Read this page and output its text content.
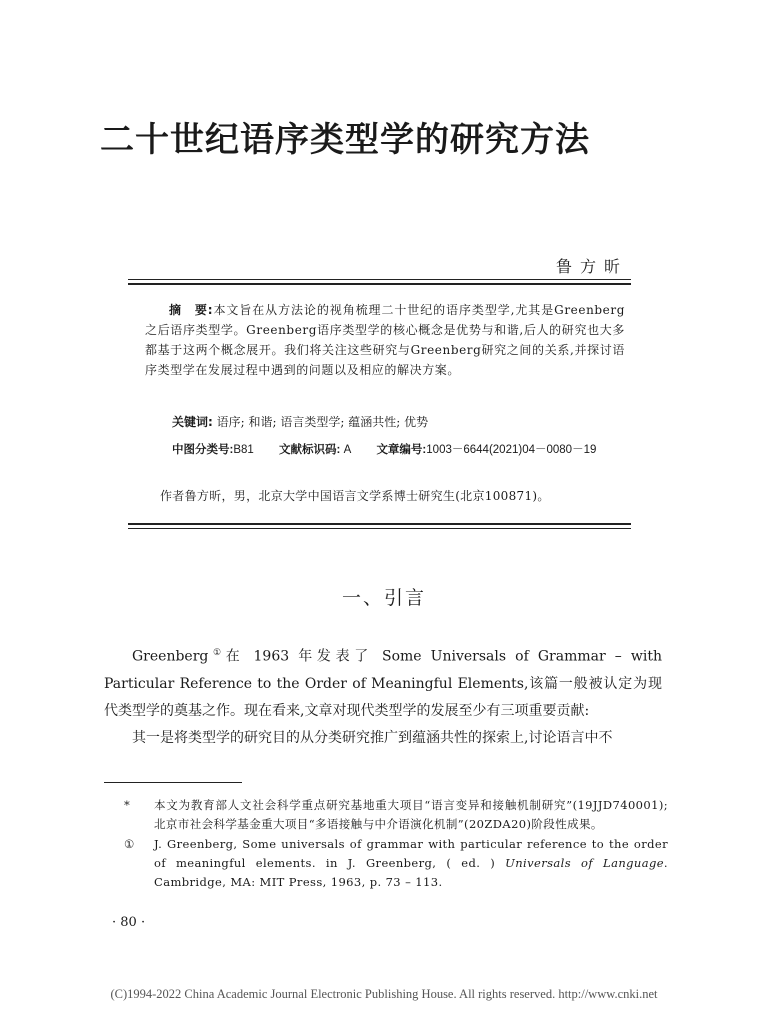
二十世纪语序类型学的研究方法
鲁方昕
摘　要:本文旨在从方法论的视角梳理二十世纪的语序类型学,尤其是Greenberg之后语序类型学。Greenberg语序类型学的核心概念是优势与和谐,后人的研究也大多都基于这两个概念展开。我们将关注这些研究与Greenberg研究之间的关系,并探讨语序类型学在发展过程中遇到的问题以及相应的解决方案。
关键词: 语序; 和谐; 语言类型学; 蕴涵共性; 优势
中图分类号:B81 文献标识码: A 文章编号:1003－6644(2021)04－0080－19
作者鲁方昕，男，北京大学中国语言文学系博士研究生(北京100871)。
一、引言

Greenberg①在 1963 年发表了 Some Universals of Grammar – with Particular Reference to the Order of Meaningful Elements,该篇一般被认定为现代类型学的奠基之作。现在看来,文章对现代类型学的发展至少有三项重要贡献:

其一是将类型学的研究目的从分类研究推广到蕴涵共性的探索上,讨论语言中不

* 本文为教育部人文社会科学重点研究基地重大项目“语言变异和接触机制研究”(19JJD740001); 北京市社会科学基金重大项目“多语接触与中介语演化机制”(20ZDA20)阶段性成果。
① J. Greenberg, Some universals of grammar with particular reference to the order of meaningful elements. in J. Greenberg, ( ed. ) Universals of Language. Cambridge, MA: MIT Press, 1963, p. 73 – 113.
· 80 ·
(C)1994-2022 China Academic Journal Electronic Publishing House. All rights reserved. http://www.cnki.net
